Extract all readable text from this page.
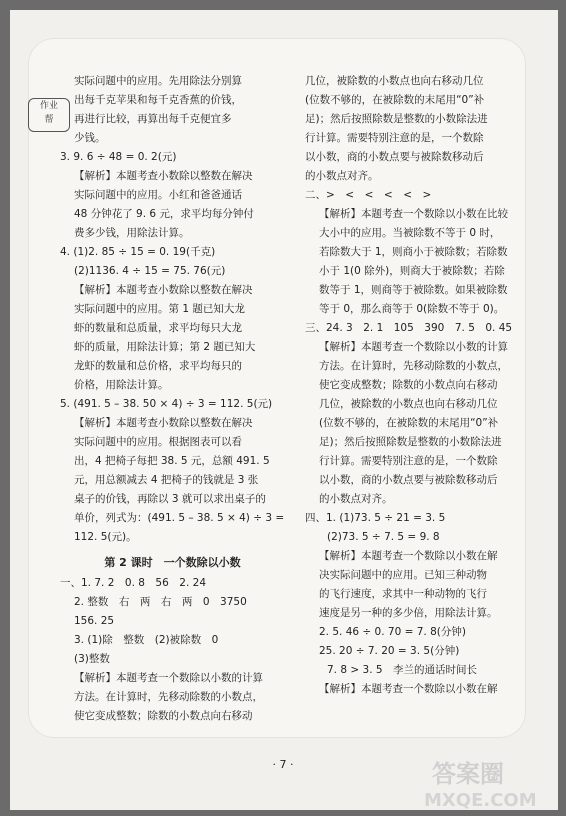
作业
帮
实际问题中的应用。先用除法分别算
出每千克苹果和每千克香蕉的价钱，
再进行比较，再算出每千克便宜多
少钱。
3. 9. 6 ÷ 48 = 0. 2(元)
【解析】本题考查小数除以整数在解决
实际问题中的应用。小红和爸爸通话
48 分钟花了 9. 6 元，求平均每分钟付
费多少钱，用除法计算。
4. (1)2. 85 ÷ 15 = 0. 19(千克)
(2)1136. 4 ÷ 15 = 75. 76(元)
【解析】本题考查小数除以整数在解决
实际问题中的应用。第 1 题已知大龙
虾的数量和总质量，求平均每只大龙
虾的质量，用除法计算；第 2 题已知大
龙虾的数量和总价格，求平均每只的
价格，用除法计算。
5. (491. 5 – 38. 50 × 4) ÷ 3 = 112. 5(元)
【解析】本题考查小数除以整数在解决
实际问题中的应用。根据图表可以看
出，4 把椅子每把 38. 5 元，总额 491. 5
元，用总额减去 4 把椅子的钱就是 3 张
桌子的价钱，再除以 3 就可以求出桌子的
单价，列式为：(491. 5 – 38. 5 × 4) ÷ 3 =
112. 5(元)。
第 2 课时　一个数除以小数
一、1. 7. 2　0. 8　56　2. 24
2. 整数　右　两　右　两　0　3750
156. 25
3. (1)除　整数　(2)被除数　0
(3)整数
【解析】本题考查一个数除以小数的计算
方法。在计算时，先移动除数的小数点，
使它变成整数；除数的小数点向右移动
几位，被除数的小数点也向右移动几位
(位数不够的，在被除数的末尾用“0”补
足)；然后按照除数是整数的小数除法进
行计算。需要特别注意的是，一个数除
以小数，商的小数点要与被除数移动后
的小数点对齐。
二、>　<　<　<　<　>
【解析】本题考查一个数除以小数在比较
大小中的应用。当被除数不等于 0 时，
若除数大于 1，则商小于被除数；若除数
小于 1(0 除外)，则商大于被除数；若除
数等于 1，则商等于被除数。如果被除数
等于 0，那么商等于 0(除数不等于 0)。
三、24. 3　2. 1　105　390　7. 5　0. 45
【解析】本题考查一个数除以小数的计算
方法。在计算时，先移动除数的小数点，
使它变成整数；除数的小数点向右移动
几位，被除数的小数点也向右移动几位
(位数不够的，在被除数的末尾用“0”补
足)；然后按照除数是整数的小数除法进
行计算。需要特别注意的是，一个数除
以小数，商的小数点要与被除数移动后
的小数点对齐。
四、1. (1)73. 5 ÷ 21 = 3. 5
(2)73. 5 ÷ 7. 5 = 9. 8
【解析】本题考查一个数除以小数在解
决实际问题中的应用。已知三种动物
的飞行速度，求其中一种动物的飞行
速度是另一种的多少倍，用除法计算。
2. 5. 46 ÷ 0. 70 = 7. 8(分钟)
25. 20 ÷ 7. 20 = 3. 5(分钟)
7. 8 > 3. 5　李兰的通话时间长
【解析】本题考查一个数除以小数在解
· 7 ·	答案圈
MXQE.COM
